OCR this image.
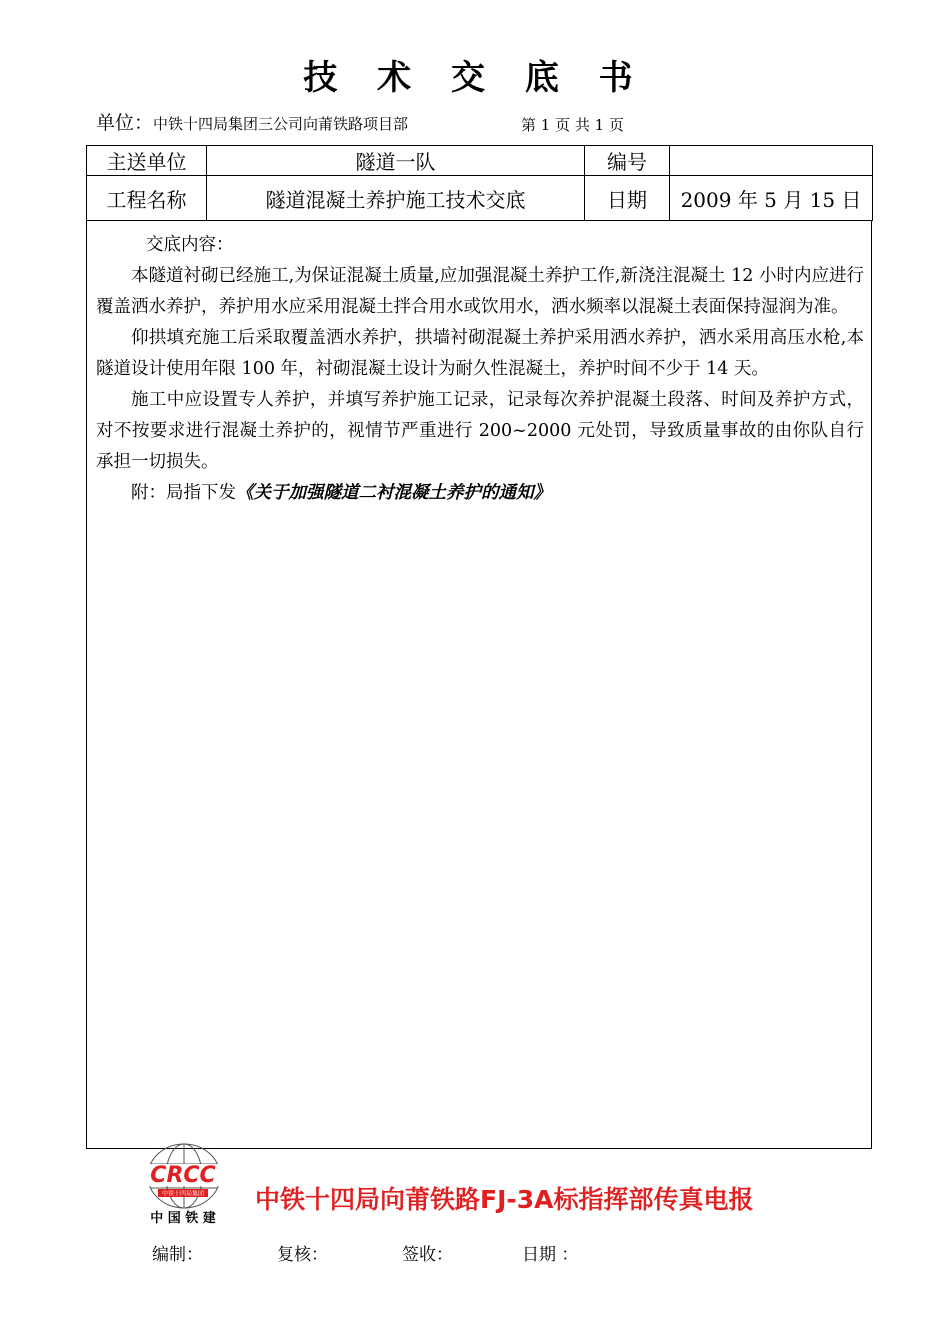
技 术 交 底 书
单位：中铁十四局集团三公司向莆铁路项目部	第 1 页 共 1 页
主送单位	隧道一队	编号	
工程名称	隧道混凝土养护施工技术交底	日期	2009 年 5 月 15 日

交底内容：

本隧道衬砌已经施工,为保证混凝土质量,应加强混凝土养护工作,新浇注混凝土 12 小时内应进行覆盖洒水养护，养护用水应采用混凝土拌合用水或饮用水，洒水频率以混凝土表面保持湿润为准。

仰拱填充施工后采取覆盖洒水养护，拱墙衬砌混凝土养护采用洒水养护，洒水采用高压水枪,本隧道设计使用年限 100 年，衬砌混凝土设计为耐久性混凝土，养护时间不少于 14 天。

施工中应设置专人养护，并填写养护施工记录，记录每次养护混凝土段落、时间及养护方式，对不按要求进行混凝土养护的，视情节严重进行 200~2000 元处罚，导致质量事故的由你队自行承担一切损失。

附：局指下发《关于加强隧道二衬混凝土养护的通知》

CRCC
中铁十四局集团
中 国 铁 建
中铁十四局向莆铁路FJ-3A标指挥部传真电报
编制：	复核：	签收：	日期 ：
